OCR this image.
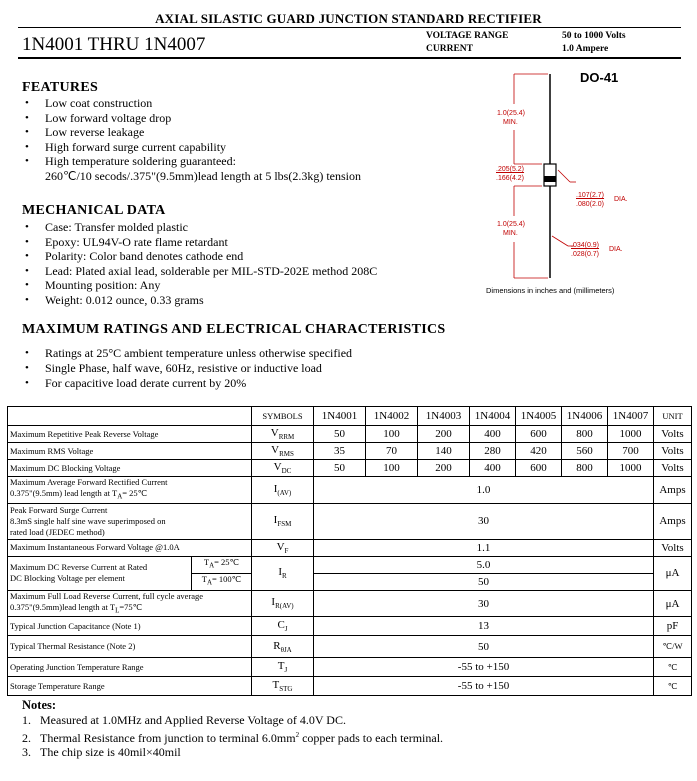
AXIAL SILASTIC GUARD JUNCTION STANDARD RECTIFIER
1N4001 THRU 1N4007	VOLTAGE RANGE	50 to 1000 Volts
CURRENT	1.0 Ampere
FEATURES
• Low coat construction
• Low forward voltage drop
• Low reverse leakage
• High forward surge current capability
• High temperature soldering guaranteed:
260℃/10 secods/.375"(9.5mm)lead length at 5 lbs(2.3kg) tension
MECHANICAL DATA
• Case: Transfer molded plastic
• Epoxy: UL94V-O rate flame retardant
• Polarity: Color band denotes cathode end
• Lead: Plated axial lead, solderable per MIL-STD-202E method 208C
• Mounting position: Any
• Weight: 0.012 ounce, 0.33 grams
DO-41
1.0(25.4)
MIN.
.205(5.2)
.166(4.2)
.107(2.7)
.080(2.0)
DIA.
1.0(25.4)
MIN.
.034(0.9)
.028(0.7)
DIA.
Dimensions in inches and (millimeters)
MAXIMUM RATINGS AND ELECTRICAL CHARACTERISTICS
• Ratings at 25°C ambient temperature unless otherwise specified
• Single Phase, half wave, 60Hz, resistive or inductive load
• For capacitive load derate current by 20%
		SYMBOLS	1N4001	1N4002	1N4003	1N4004	1N4005	1N4006	1N4007	UNIT
Maximum Repetitive Peak Reverse Voltage		$V_{RRM}$	50	100	200	400	600	800	1000	Volts
Maximum RMS Voltage		$V_{RMS}$	35	70	140	280	420	560	700	Volts
Maximum DC Blocking Voltage		$V_{DC}$	50	100	200	400	600	800	1000	Volts
Maximum Average Forward Rectified Current
0.375"(9.5mm) lead length at $T_A=$ 25℃		$I_{(AV)}$	1.0							Amps
Peak Forward Surge Current
8.3mS single half sine wave superimposed on
rated load (JEDEC method)		$I_{FSM}$	30							Amps
Maximum Instantaneous Forward Voltage @1.0A		$V_F$	1.1							Volts
Maximum DC Reverse Current at Rated
DC Blocking Voltage per element	$T_A=$ 25℃	$I_R$	5.0							μA
	$T_A=$ 100℃		50							
Maximum Full Load Reverse Current, full cycle average
0.375"(9.5mm)lead length at $T_L=75℃$		$I_{R(AV)}$	30							μA
Typical Junction Capacitance (Note 1)		$C_J$	13							pF
Typical Thermal Resistance (Note 2)		$R_{\theta JA}$	50							℃/W
Operating Junction Temperature Range		$T_J$	-55 to +150							℃
Storage Temperature Range		$T_{STG}$	-55 to +150							℃
Notes:
1.   Measured at 1.0MHz and Applied Reverse Voltage of 4.0V DC.
2.   Thermal Resistance from junction to terminal $6.0mm^2$ copper pads to each terminal.
3.   The chip size is 40mil×40mil
